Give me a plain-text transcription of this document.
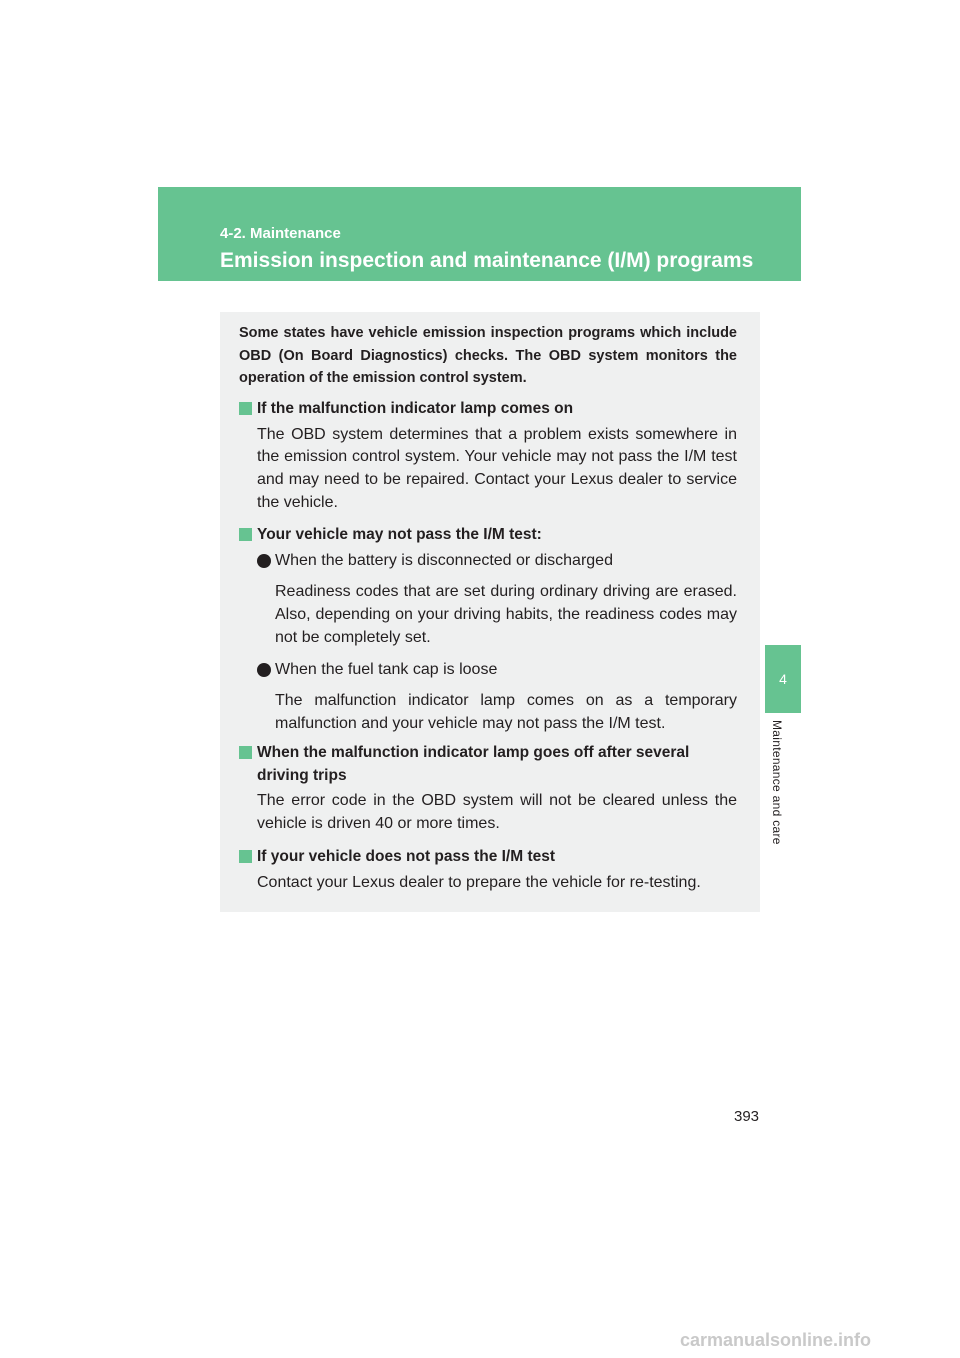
4-2. Maintenance
Emission inspection and maintenance (I/M) programs
4
Maintenance and care

Some states have vehicle emission inspection programs which include OBD (On Board Diagnostics) checks. The OBD system monitors the operation of the emission control system.

If the malfunction indicator lamp comes on

The OBD system determines that a problem exists somewhere in the emission control system. Your vehicle may not pass the I/M test and may need to be repaired. Contact your Lexus dealer to service the vehicle.

Your vehicle may not pass the I/M test:

When the battery is disconnected or discharged
Readiness codes that are set during ordinary driving are erased. Also, depending on your driving habits, the readiness codes may not be completely set.
When the fuel tank cap is loose
The malfunction indicator lamp comes on as a temporary malfunction and your vehicle may not pass the I/M test.

When the malfunction indicator lamp goes off after several driving trips

The error code in the OBD system will not be cleared unless the vehicle is driven 40 or more times.

If your vehicle does not pass the I/M test

Contact your Lexus dealer to prepare the vehicle for re-testing.
393
carmanualsonline.info
